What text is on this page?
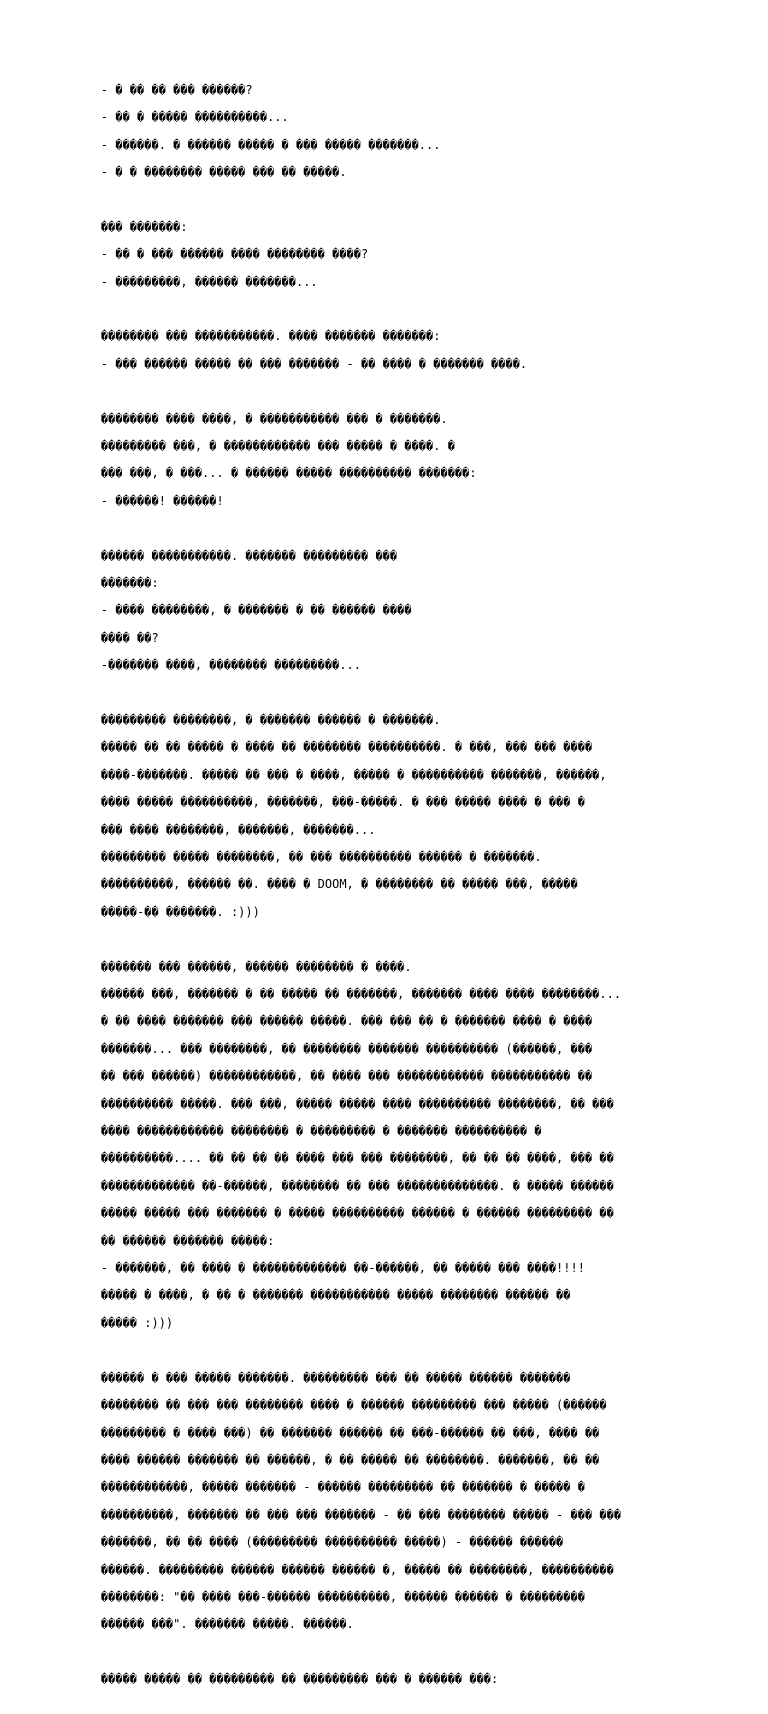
- � �� �� ��� ������?

- �� � ����� ����������...

- ������. � ������ ����� � ��� ����� �������...

- � � �������� ����� ��� �� �����.

��� �������:

- �� � ��� ������ ���� �������� ����?

- ���������, ������ �������...

�������� ��� �����������. ���� ������� �������:

- ��� ������ ����� �� ��� ������� - �� ���� � ������� ����.

�������� ���� ����, � ����������� ��� � �������.

��������� ���, � ������������ ��� ����� � ����. �

��� ���, � ���... � ������ ����� ���������� �������:

- ������! ������!

������ �����������. ������� ��������� ���

�������:

- ���� ��������, � ������� � �� ������ ����

���� ��?

-������� ����, �������� ���������...

��������� ��������, � ������� ������ � �������.

����� �� �� ����� � ���� �� �������� ����������. � ���, ��� ��� ����

����-�������. ����� �� ��� � ����, ����� � ���������� �������, ������,

���� ����� ����������, �������, ���-�����. � ��� ����� ���� � ��� �

��� ���� ��������, �������, �������...

��������� ����� ��������, �� ��� ���������� ������ � �������.

����������, ������ ��. ���� � DOOM, � �������� �� ����� ���, �����

�����-�� �������. :)))

������� ��� ������, ������ �������� � ����.

������ ���, ������� � �� ����� �� �������, ������� ���� ���� ��������...

� �� ���� ������� ��� ������ �����. ��� ��� �� � ������� ���� � ����

�������... ��� ��������, �� �������� ������� ���������� (������, ���

�� ��� ������) ������������, �� ���� ��� ������������ ����������� ��

���������� �����. ��� ���, ����� ����� ���� ���������� ��������, �� ���

���� ������������ �������� � ��������� � ������� ���������� �

����������.... �� �� �� �� ���� ��� ��� ��������, �� �� �� ����, ��� ��

������������� ��-������, �������� �� ��� ��������������. � ����� ������

����� ����� ��� ������� � ����� ���������� ������ � ������ ��������� ��

�� ������ ������� �����:

- �������, �� ���� � ������������� ��-������, �� ����� ��� ����!!!!

����� � ����, � �� � ������� ����������� ����� �������� ������ ��

����� :)))

������ � ��� ����� �������. ��������� ��� �� ����� ������ �������

�������� �� ��� ��� �������� ���� � ������ ��������� ��� ����� (������

��������� � ���� ���) �� ������� ������ �� ���-������ �� ���, ���� ��

���� ������ ������� �� ������, � �� ����� �� ��������. �������, �� ��

������������, ����� ������� - ������ ��������� �� ������� � ����� �

����������, ������� �� ��� ��� ������� - �� ��� �������� ����� - ��� ���

�������, �� �� ���� (��������� ���������� �����) - ������ ������

������. ��������� ������ ������ ������ �, ����� �� ��������, ����������

��������: "�� ���� ���-������ ����������, ������ ������ � ���������

������ ���". ������� �����. ������.

����� ����� �� ��������� �� ��������� ��� � ������ ���:
